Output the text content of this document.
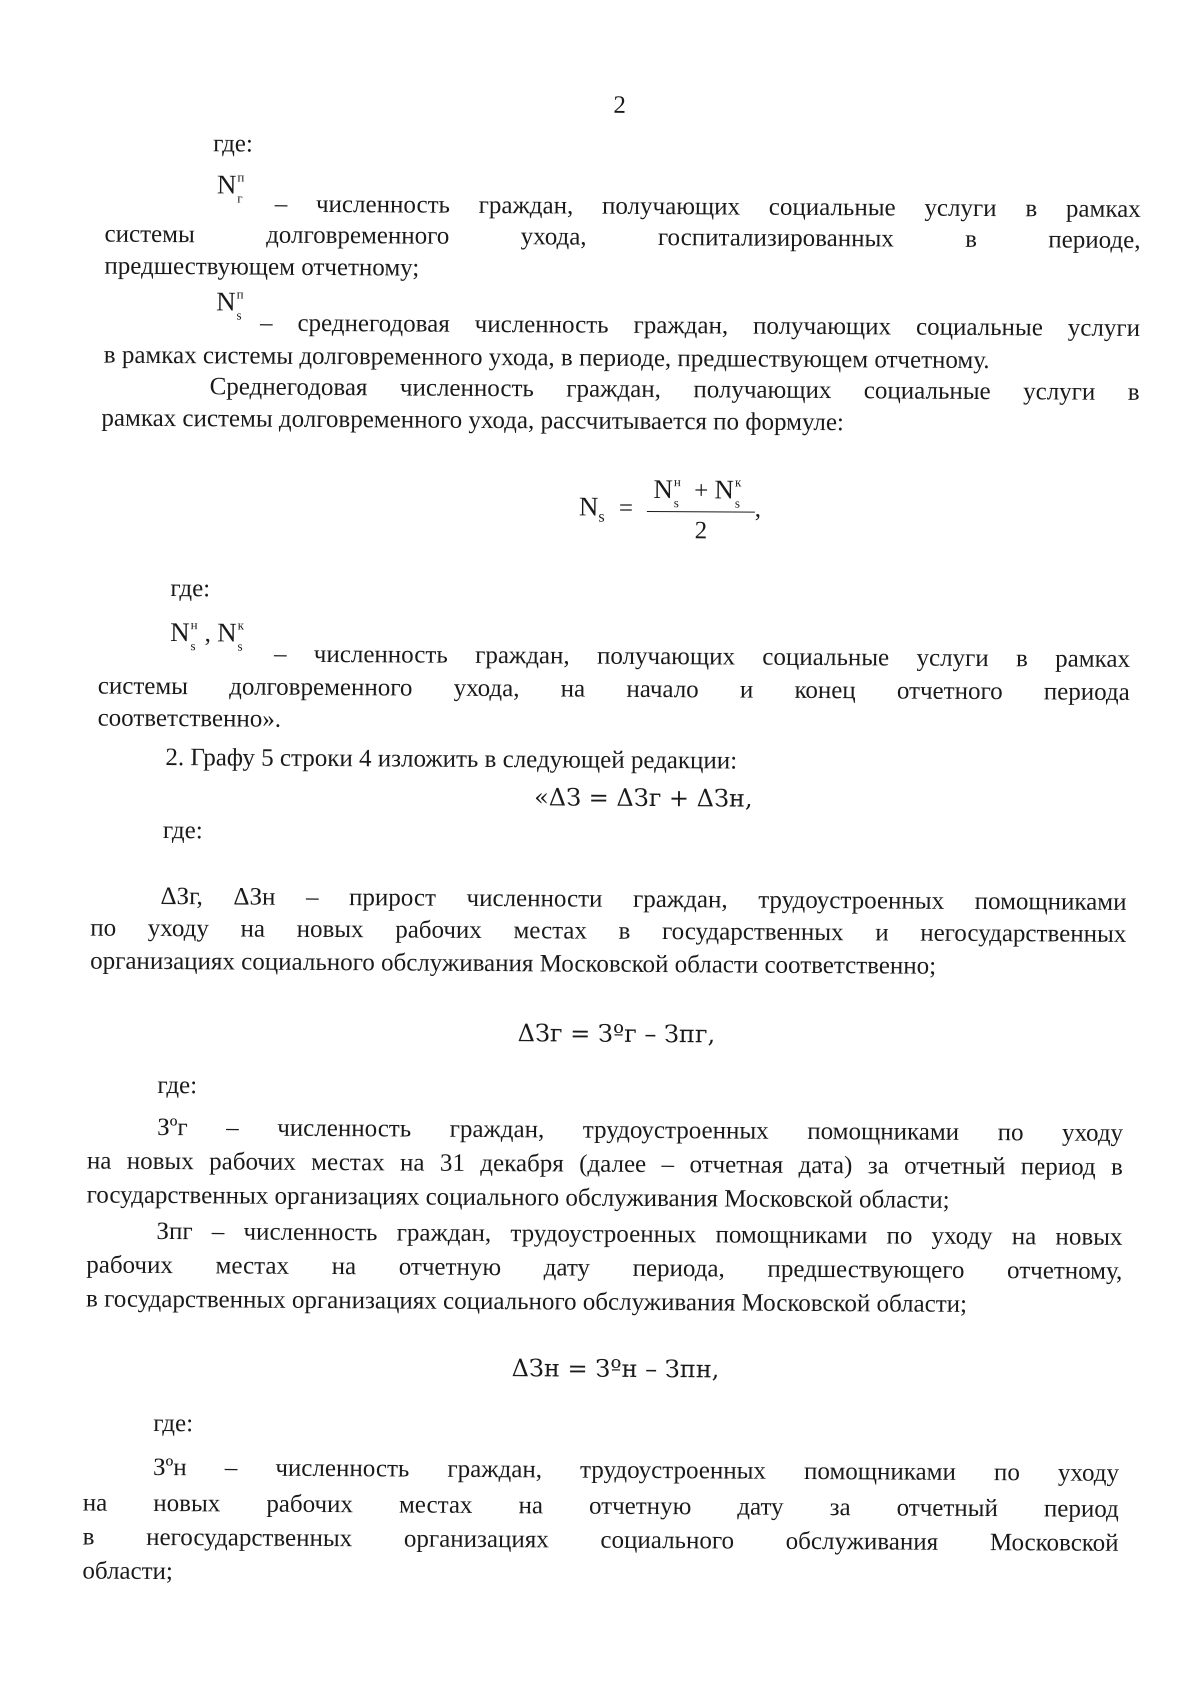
2
где:
N п
г – численность граждан, получающих социальные услуги в рамках
системы долговременного ухода, госпитализированных в периоде,
предшествующем отчетному;
N п
s – среднегодовая численность граждан, получающих социальные услуги
в рамках системы долговременного ухода, в периоде, предшествующем отчетному.
Среднегодовая численность граждан, получающих социальные услуги в
рамках системы долговременного ухода, рассчитывается по формуле:
$N_s = N$ н
s + N к
s
2 ,
где:
N н
s , N к
s – численность граждан, получающих социальные услуги в рамках
системы долговременного ухода, на начало и конец отчетного периода
соответственно».
2. Графу 5 строки 4 изложить в следующей редакции:
«ΔЗ = ΔЗг + ΔЗн,
где:
ΔЗг, ΔЗн – прирост численности граждан, трудоустроенных помощниками
по уходу на новых рабочих местах в государственных и негосударственных
организациях социального обслуживания Московской области соответственно;
ΔЗг = Зºг – Зпг,
где:
Зºг – численность граждан, трудоустроенных помощниками по уходу
на новых рабочих местах на 31 декабря (далее – отчетная дата) за отчетный период в
государственных организациях социального обслуживания Московской области;
Зпг – численность граждан, трудоустроенных помощниками по уходу на новых
рабочих местах на отчетную дату периода, предшествующего отчетному,
в государственных организациях социального обслуживания Московской области;
ΔЗн = Зºн – Зпн,
где:
Зºн – численность граждан, трудоустроенных помощниками по уходу
на новых рабочих местах на отчетную дату за отчетный период
в негосударственных организациях социального обслуживания Московской
области;
